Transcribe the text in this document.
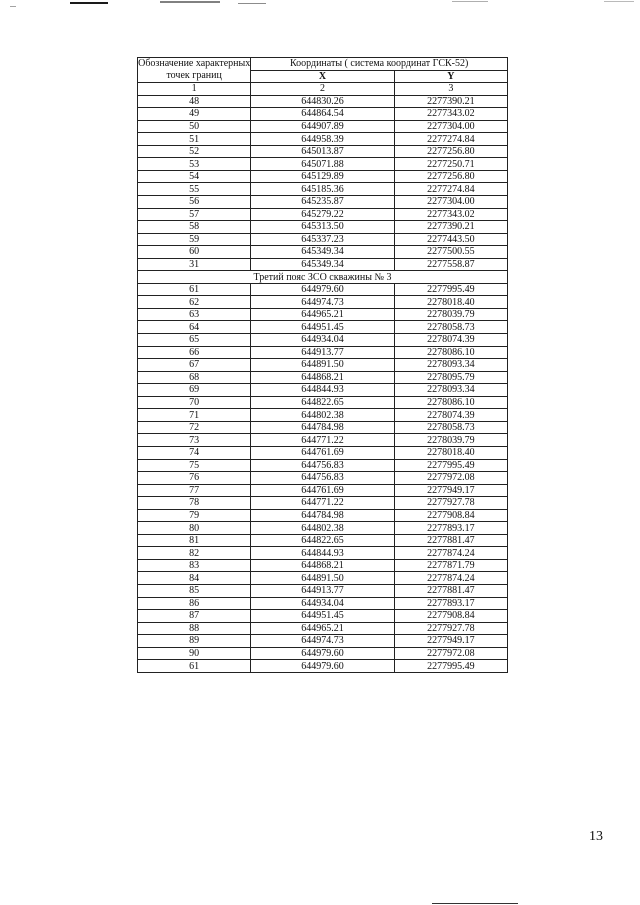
Обозначение характерных точек границ	Координаты ( система координат ГСК-52)	
	X	Y
1	2	3
48	644830.26	2277390.21
49	644864.54	2277343.02
50	644907.89	2277304.00
51	644958.39	2277274.84
52	645013.87	2277256.80
53	645071.88	2277250.71
54	645129.89	2277256.80
55	645185.36	2277274.84
56	645235.87	2277304.00
57	645279.22	2277343.02
58	645313.50	2277390.21
59	645337.23	2277443.50
60	645349.34	2277500.55
31	645349.34	2277558.87
Третий пояс ЗСО скважины № 3		
61	644979.60	2277995.49
62	644974.73	2278018.40
63	644965.21	2278039.79
64	644951.45	2278058.73
65	644934.04	2278074.39
66	644913.77	2278086.10
67	644891.50	2278093.34
68	644868.21	2278095.79
69	644844.93	2278093.34
70	644822.65	2278086.10
71	644802.38	2278074.39
72	644784.98	2278058.73
73	644771.22	2278039.79
74	644761.69	2278018.40
75	644756.83	2277995.49
76	644756.83	2277972.08
77	644761.69	2277949.17
78	644771.22	2277927.78
79	644784.98	2277908.84
80	644802.38	2277893.17
81	644822.65	2277881.47
82	644844.93	2277874.24
83	644868.21	2277871.79
84	644891.50	2277874.24
85	644913.77	2277881.47
86	644934.04	2277893.17
87	644951.45	2277908.84
88	644965.21	2277927.78
89	644974.73	2277949.17
90	644979.60	2277972.08
61	644979.60	2277995.49
13
